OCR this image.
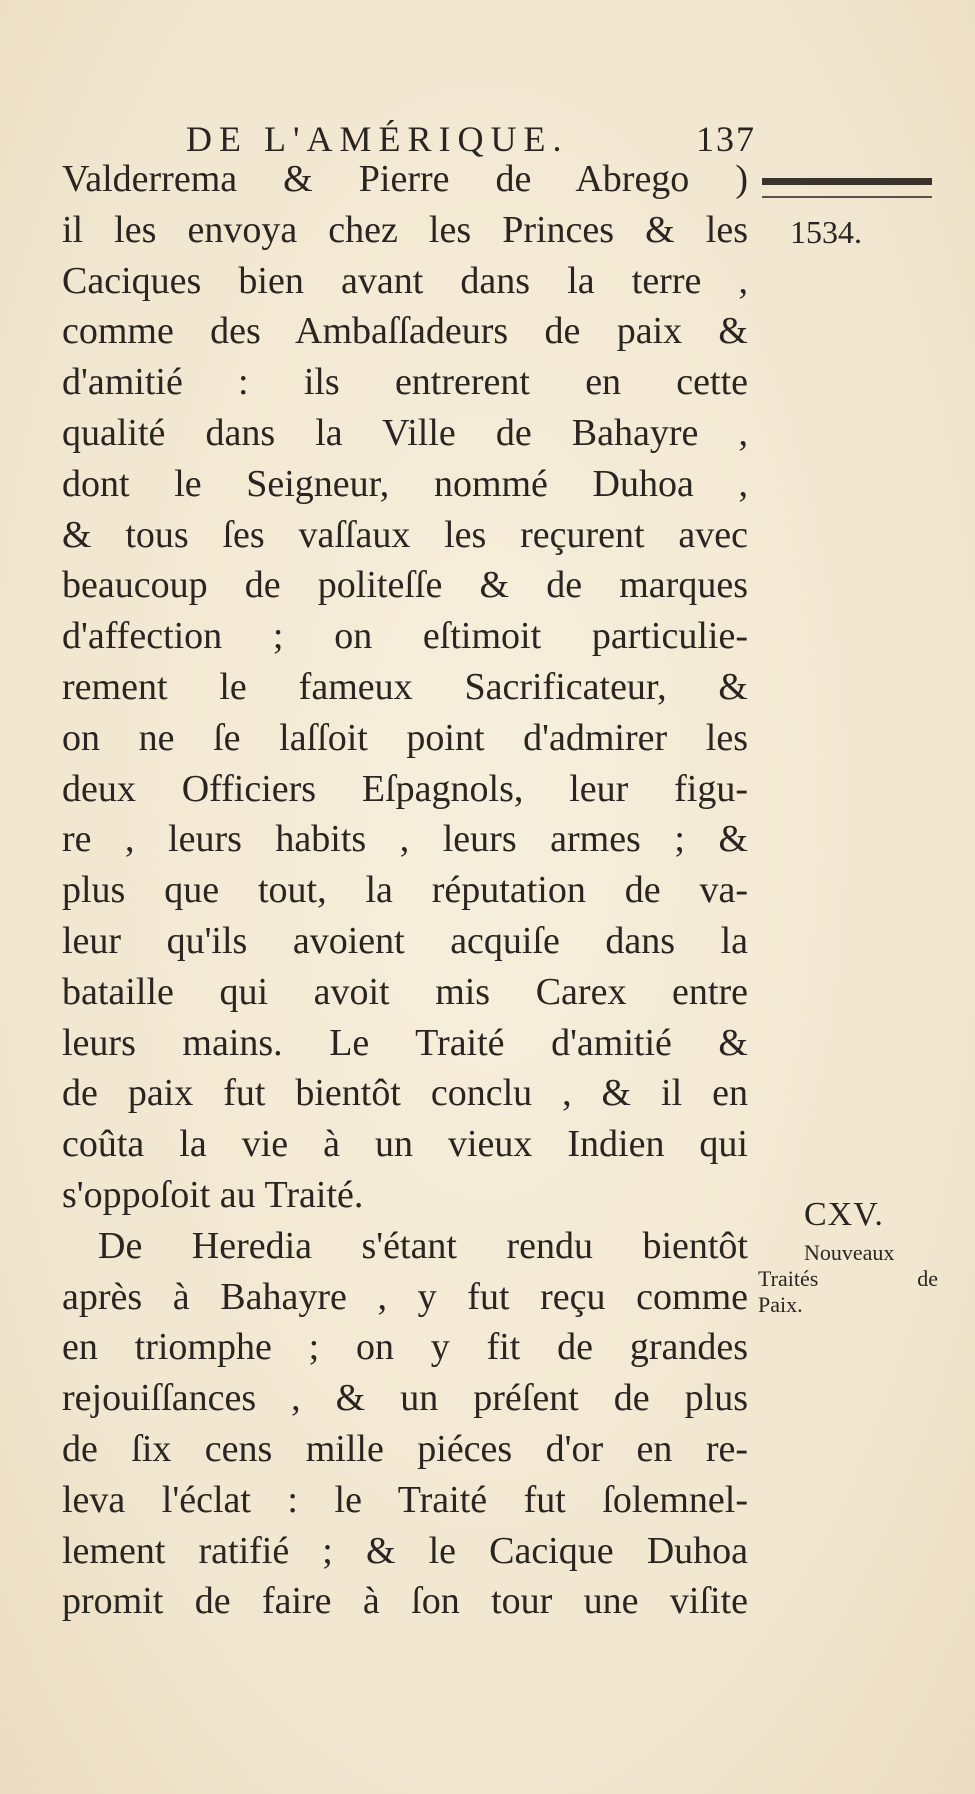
DE L'AMÉRIQUE.	137
1534.
Valderrema & Pierre de Abrego )
il les envoya chez les Princes & les
Caciques bien avant dans la terre ,
comme des Ambaſſadeurs de paix &
d'amitié : ils entrerent en cette
qualité dans la Ville de Bahayre ,
dont le Seigneur, nommé Duhoa ,
& tous ſes vaſſaux les reçurent avec
beaucoup de politeſſe & de marques
d'affection ; on eſtimoit particulie-
rement le fameux Sacrificateur, &
on ne ſe laſſoit point d'admirer les
deux Officiers Eſpagnols, leur figu-
re , leurs habits , leurs armes ; &
plus que tout, la réputation de va-
leur qu'ils avoient acquiſe dans la
bataille qui avoit mis Carex entre
leurs mains. Le Traité d'amitié &
de paix fut bientôt conclu , & il en
coûta la vie à un vieux Indien qui
s'oppoſoit au Traité.
De Heredia s'étant rendu bientôt
après à Bahayre , y fut reçu comme
en triomphe ; on y fit de grandes
rejouiſſances , & un préſent de plus
de ſix cens mille piéces d'or en re-
leva l'éclat : le Traité fut ſolemnel-
lement ratifié ; & le Cacique Duhoa
promit de faire à ſon tour une viſite
CXV.
Nouveaux
Traités	de
Paix.
